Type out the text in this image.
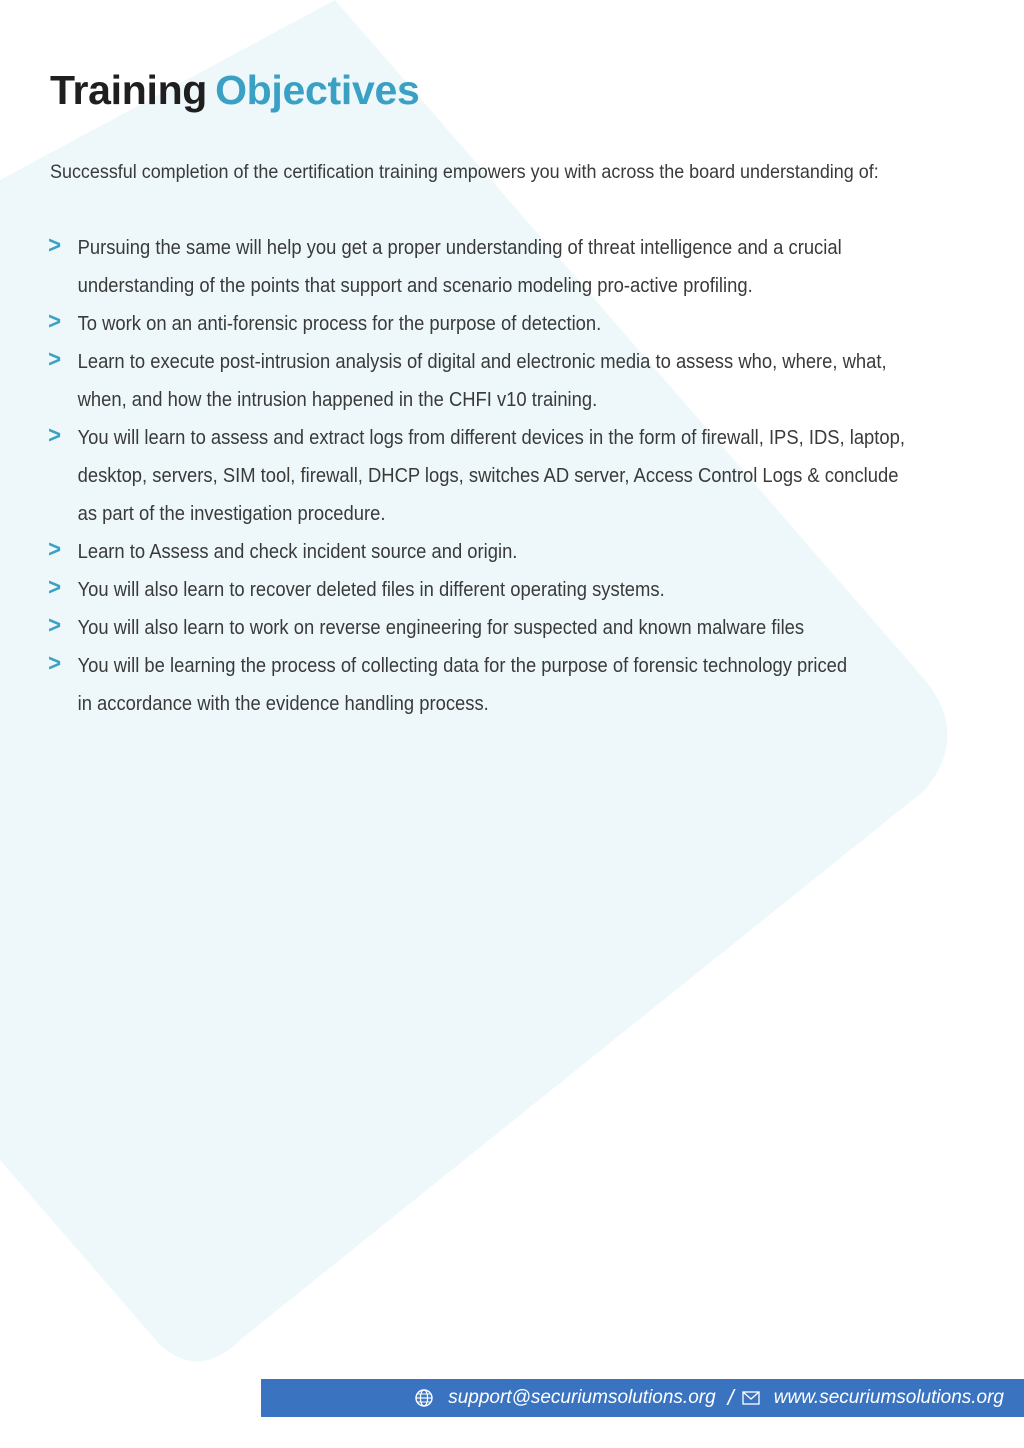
Training Objectives

Successful completion of the certification training empowers you with across the board understanding of:

> Pursuing the same will help you get a proper understanding of threat intelligence and a crucial
understanding of the points that support and scenario modeling pro-active profiling.
> To work on an anti-forensic process for the purpose of detection.
> Learn to execute post-intrusion analysis of digital and electronic media to assess who, where, what,
when, and how the intrusion happened in the CHFI v10 training.
> You will learn to assess and extract logs from different devices in the form of firewall, IPS, IDS, laptop,
desktop, servers, SIM tool, firewall, DHCP logs, switches AD server, Access Control Logs & conclude
as part of the investigation procedure.
> Learn to Assess and check incident source and origin.
> You will also learn to recover deleted files in different operating systems.
> You will also learn to work on reverse engineering for suspected and known malware files
> You will be learning the process of collecting data for the purpose of forensic technology priced
in accordance with the evidence handling process.
support@securiumsolutions.org / www.securiumsolutions.org
